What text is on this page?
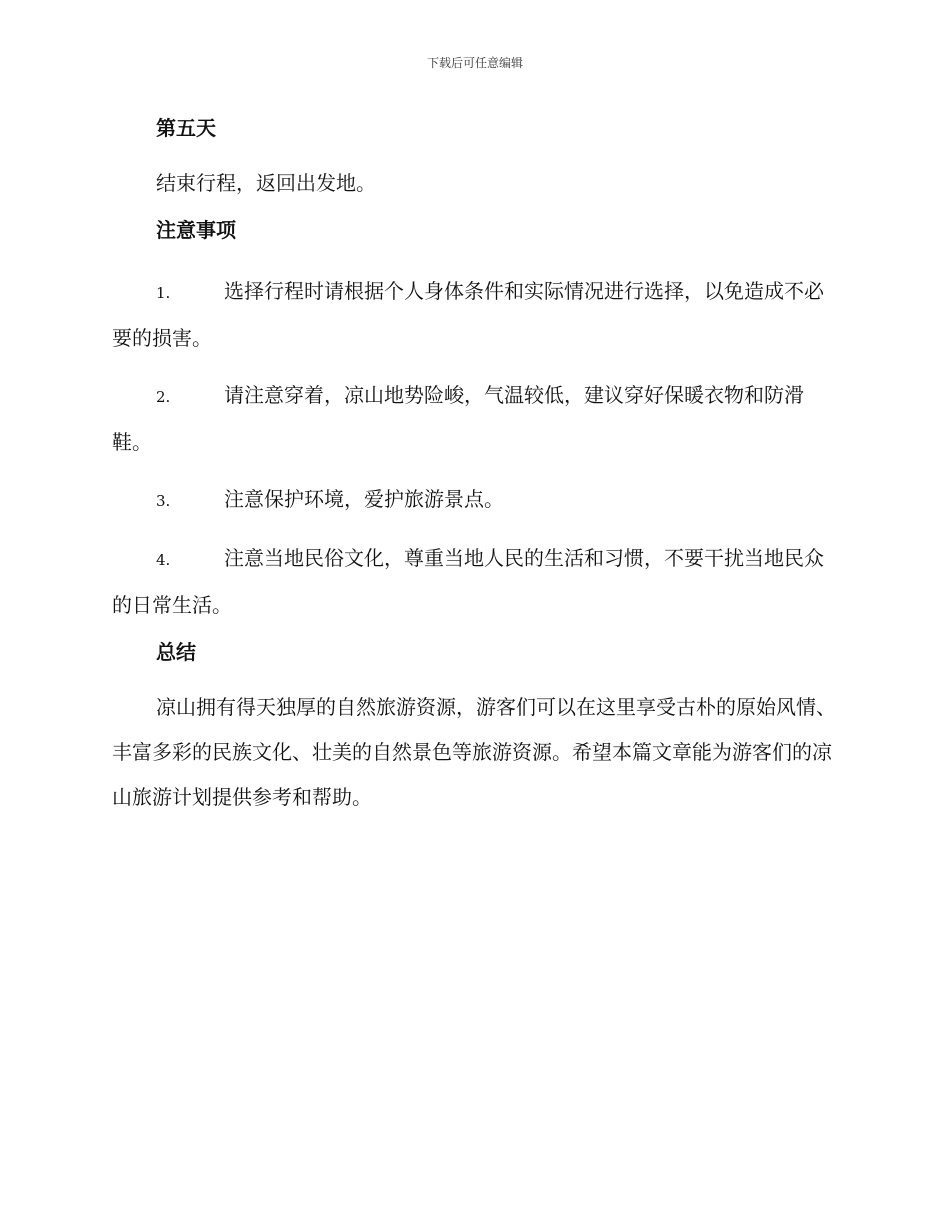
下载后可任意编辑
第五天
结束行程，返回出发地。
注意事项
1.	选择行程时请根据个人身体条件和实际情况进行选择，以免造成不必要的损害。
2.	请注意穿着，凉山地势险峻，气温较低，建议穿好保暖衣物和防滑鞋。
3.	注意保护环境，爱护旅游景点。
4.	注意当地民俗文化，尊重当地人民的生活和习惯，不要干扰当地民众的日常生活。
总结
凉山拥有得天独厚的自然旅游资源，游客们可以在这里享受古朴的原始风情、丰富多彩的民族文化、壮美的自然景色等旅游资源。希望本篇文章能为游客们的凉山旅游计划提供参考和帮助。
